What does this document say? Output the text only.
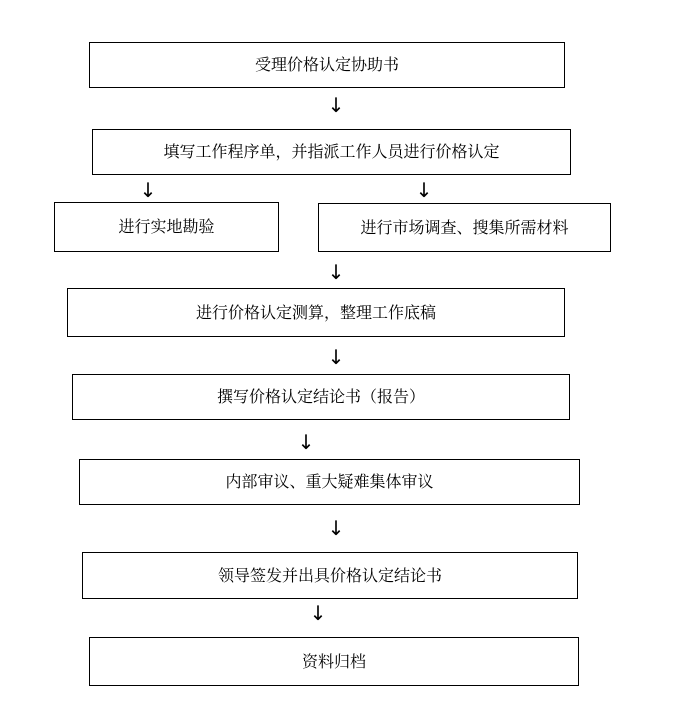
受理价格认定协助书
↓
填写工作程序单，并指派工作人员进行价格认定
↓	↓
进行实地勘验	进行市场调查、搜集所需材料
↓
进行价格认定测算，整理工作底稿
↓
撰写价格认定结论书（报告）
↓
内部审议、重大疑难集体审议
↓
领导签发并出具价格认定结论书
↓
资料归档
